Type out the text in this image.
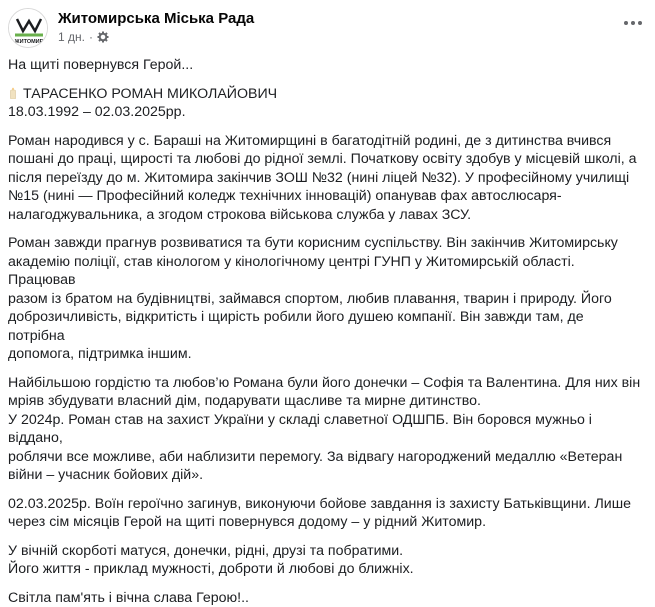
ЖИТОМИР
Житомирська Міська Рада
1 дн. ·

На щиті повернувся Герой...

ТАРАСЕНКО РОМАН МИКОЛАЙОВИЧ

18.03.1992 – 02.03.2025рр.

Роман народився у с. Бараші на Житомирщині в багатодітній родині, де з дитинства вчився

пошані до праці, щирості та любові до рідної землі. Початкову освіту здобув у місцевій школі, а

після переїзду до м. Житомира закінчив ЗОШ №32 (нині ліцей №32). У професійному училищі

№15 (нині — Професійний коледж технічних інновацій) опанував фах автослюсаря-

налагоджувальника, а згодом строкова військова служба у лавах ЗСУ.

Роман завжди прагнув розвиватися та бути корисним суспільству. Він закінчив Житомирську

академію поліції, став кінологом у кінологічному центрі ГУНП у Житомирській області. Працював

разом із братом на будівництві, займався спортом, любив плавання, тварин і природу. Його

доброзичливість, відкритість і щирість робили його душею компанії. Він завжди там, де потрібна

допомога, підтримка іншим.

Найбільшою гордістю та любов’ю Романа були його донечки – Софія та Валентина. Для них він

мріяв збудувати власний дім, подарувати щасливе та мирне дитинство.

У 2024р. Роман став на захист України у складі славетної ОДШПБ. Він боровся мужньо і віддано,

роблячи все можливе, аби наблизити перемогу. За відвагу нагороджений медаллю «Ветеран

війни – учасник бойових дій».

02.03.2025р. Воїн героїчно загинув, виконуючи бойове завдання із захисту Батьківщини. Лише

через сім місяців Герой на щиті повернувся додому – у рідний Житомир.

У вічній скорботі матуся, донечки, рідні, друзі та побратими.

Його життя - приклад мужності, доброти й любові до ближніх.

Світла пам'ять і вічна слава Герою!..
